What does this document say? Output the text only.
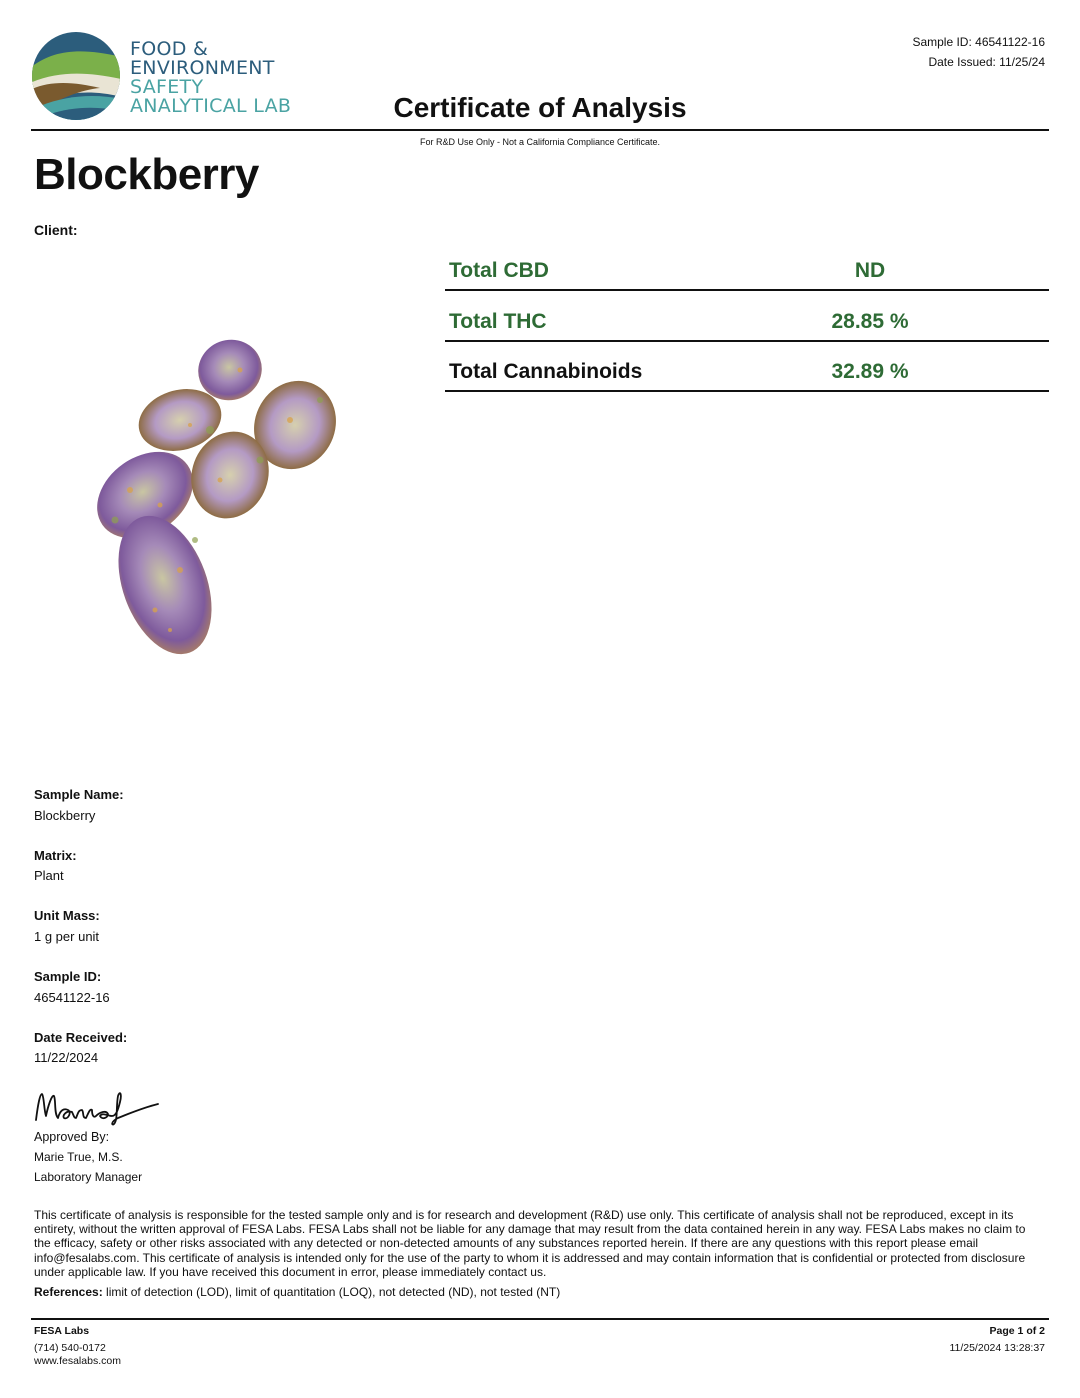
FOOD &
ENVIRONMENT
SAFETY
ANALYTICAL LAB
Sample ID: 46541122-16
Date Issued: 11/25/24
Certificate of Analysis
For R&D Use Only - Not a California Compliance Certificate.
Blockberry
Client:
Total CBD	ND
Total THC	28.85 %
Total Cannabinoids	32.89 %
Sample Name:
Blockberry
Matrix:
Plant
Unit Mass:
1 g per unit
Sample ID:
46541122-16
Date Received:
11/22/2024
Approved By:
Marie True, M.S.
Laboratory Manager
This certificate of analysis is responsible for the tested sample only and is for research and development (R&D) use only. This certificate of analysis shall not be reproduced, except in its entirety, without the written approval of FESA Labs. FESA Labs shall not be liable for any damage that may result from the data contained herein in any way. FESA Labs makes no claim to the efficacy, safety or other risks associated with any detected or non-detected amounts of any substances reported herein. If there are any questions with this report please email info@fesalabs.com. This certificate of analysis is intended only for the use of the party to whom it is addressed and may contain information that is confidential or protected from disclosure under applicable law. If you have received this document in error, please immediately contact us.
References: limit of detection (LOD), limit of quantitation (LOQ), not detected (ND), not tested (NT)
FESA Labs
(714) 540-0172
www.fesalabs.com
Page 1 of 2
11/25/2024 13:28:37
